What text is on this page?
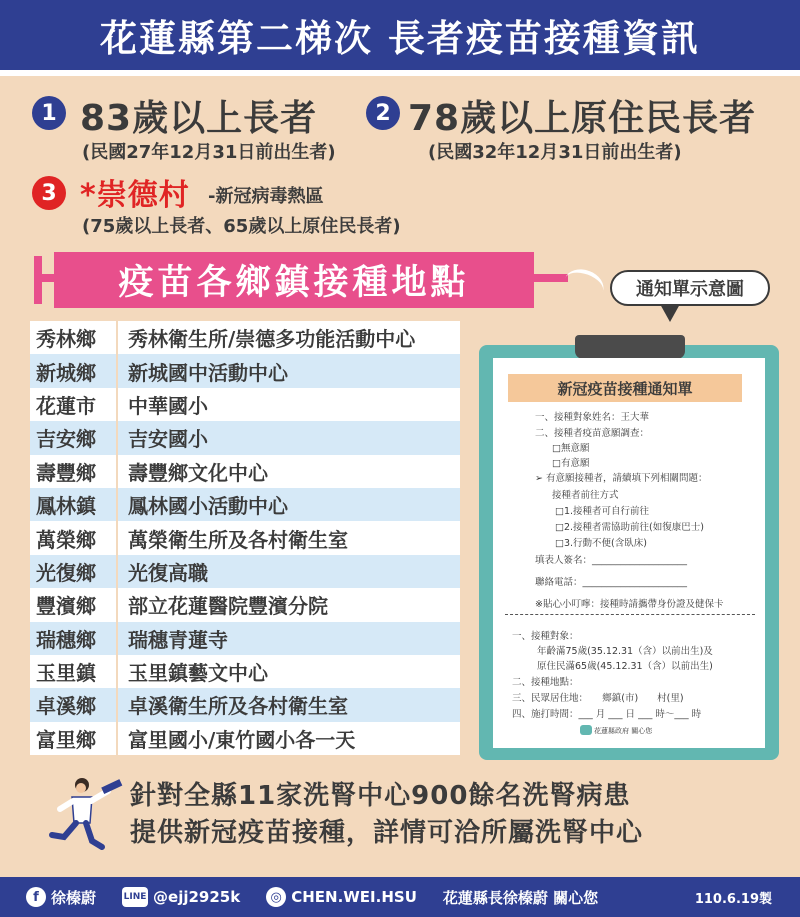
花蓮縣第二梯次 長者疫苗接種資訊
1 83歲以上長者
(民國27年12月31日前出生者)
2 78歲以上原住民長者
(民國32年12月31日前出生者)
3 *崇德村 -新冠病毒熱區
(75歲以上長者、65歲以上原住民長者)
疫苗各鄉鎮接種地點
秀林鄉	秀林衛生所/崇德多功能活動中心
新城鄉	新城國中活動中心
花蓮市	中華國小
吉安鄉	吉安國小
壽豐鄉	壽豐鄉文化中心
鳳林鎮	鳳林國小活動中心
萬榮鄉	萬榮衛生所及各村衛生室
光復鄉	光復高職
豐濱鄉	部立花蓮醫院豐濱分院
瑞穗鄉	瑞穗青蓮寺
玉里鎮	玉里鎮藝文中心
卓溪鄉	卓溪衛生所及各村衛生室
富里鄉	富里國小/東竹國小各一天
通知單示意圖
新冠疫苗接種通知單
一、接種對象姓名：王大華
二、接種者疫苗意願調查：
□無意願
□有意願
➢ 有意願接種者，請續填下列相關問題：
接種者前往方式
□1.接種者可自行前往
□2.接種者需協助前往(如復康巴士)
□3.行動不便(含臥床)
填表人簽名：____________________
聯絡電話：______________________
※貼心小叮嚀：接種時請攜帶身份證及健保卡
一、接種對象：
年齡滿75歲(35.12.31（含）以前出生)及
原住民滿65歲(45.12.31（含）以前出生)
二、接種地點：
三、民眾居住地：　　鄉鎮(市)　　村(里)
四、施打時間：___ 月 ___ 日 ___ 時～___ 時
花蓮縣政府 關心您
針對全縣11家洗腎中心900餘名洗腎病患
提供新冠疫苗接種，詳情可洽所屬洗腎中心
f 徐榛蔚	LINE @ejj2925k	◎ CHEN.WEI.HSU 花蓮縣長徐榛蔚 關心您	110.6.19製
